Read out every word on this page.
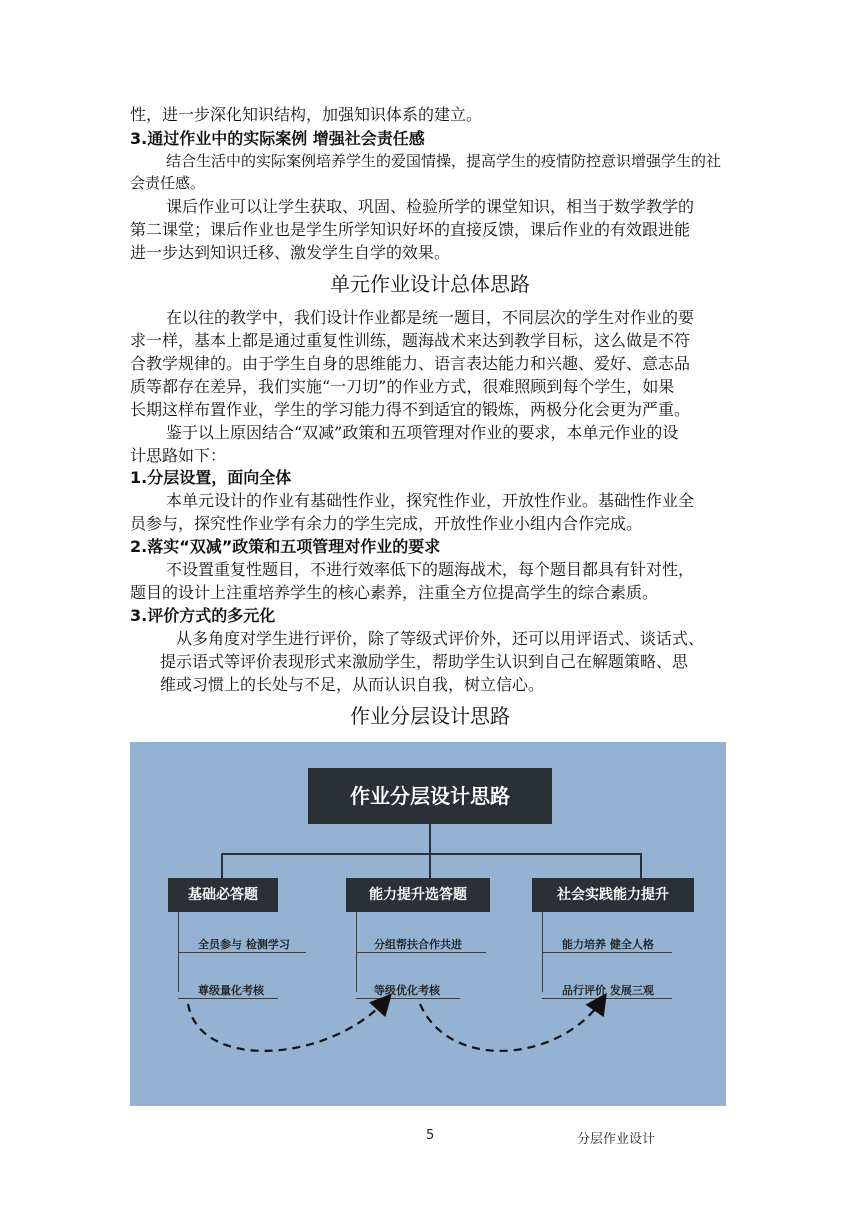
性，进一步深化知识结构，加强知识体系的建立。
3.通过作业中的实际案例 增强社会责任感
结合生活中的实际案例培养学生的爱国情操，提高学生的疫情防控意识增强学生的社
会责任感。
课后作业可以让学生获取、巩固、检验所学的课堂知识，相当于数学教学的
第二课堂；课后作业也是学生所学知识好坏的直接反馈，课后作业的有效跟进能
进一步达到知识迁移、激发学生自学的效果。
单元作业设计总体思路
在以往的教学中，我们设计作业都是统一题目，不同层次的学生对作业的要
求一样，基本上都是通过重复性训练，题海战术来达到教学目标，这么做是不符
合教学规律的。由于学生自身的思维能力、语言表达能力和兴趣、爱好、意志品
质等都存在差异，我们实施“一刀切”的作业方式，很难照顾到每个学生，如果
长期这样布置作业，学生的学习能力得不到适宜的锻炼，两极分化会更为严重。
鉴于以上原因结合“双减”政策和五项管理对作业的要求，本单元作业的设
计思路如下：
1.分层设置，面向全体
本单元设计的作业有基础性作业，探究性作业，开放性作业。基础性作业全
员参与，探究性作业学有余力的学生完成，开放性作业小组内合作完成。
2.落实“双减”政策和五项管理对作业的要求
不设置重复性题目，不进行效率低下的题海战术，每个题目都具有针对性，
题目的设计上注重培养学生的核心素养，注重全方位提高学生的综合素质。
3.评价方式的多元化
从多角度对学生进行评价，除了等级式评价外，还可以用评语式、谈话式、
提示语式等评价表现形式来激励学生，帮助学生认识到自己在解题策略、思
维或习惯上的长处与不足，从而认识自我，树立信心。
作业分层设计思路
作业分层设计思路
基础必答题	能力提升选答题	社会实践能力提升
全员参与 检测学习
尊级量化考核
分组帮扶合作共进
等级优化考核
能力培养 健全人格
品行评价 发展三观
5	分层作业设计
